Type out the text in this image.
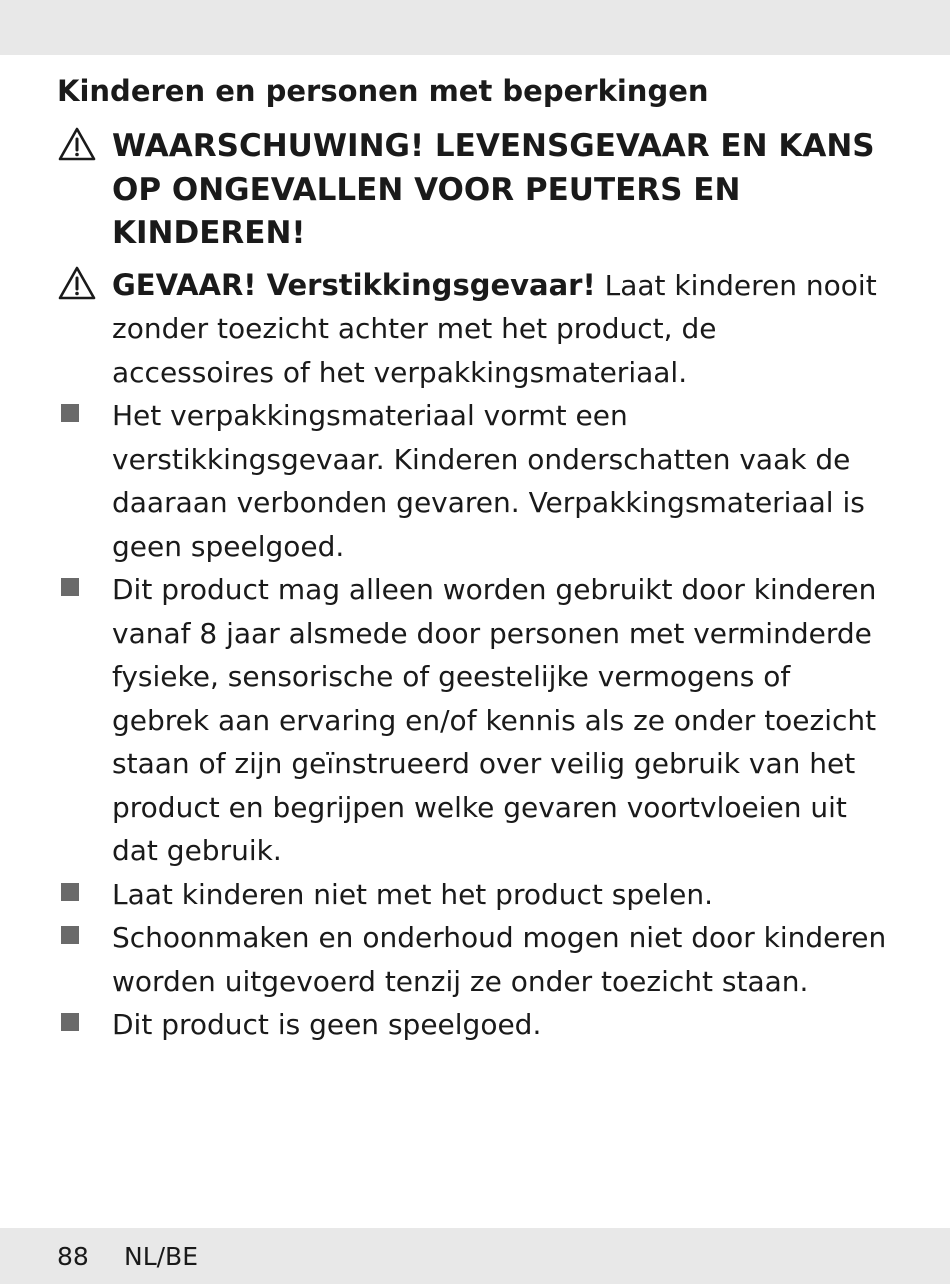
Kinderen en personen met beperkingen
WAARSCHUWING! LEVENSGEVAAR EN KANS OP ONGEVALLEN VOOR PEUTERS EN KINDEREN!
GEVAAR! Verstikkingsgevaar! Laat kinderen nooit zonder toezicht achter met het product, de accessoires of het verpakkingsmateriaal.
Het verpakkingsmateriaal vormt een verstikkingsgevaar. Kinderen onderschatten vaak de daaraan verbonden gevaren. Verpakkingsmateriaal is geen speelgoed.
Dit product mag alleen worden gebruikt door kinderen vanaf 8 jaar alsmede door personen met verminderde fysieke, sensorische of geestelijke vermogens of gebrek aan ervaring en/of kennis als ze onder toezicht staan of zijn geïnstrueerd over veilig gebruik van het product en begrijpen welke gevaren voortvloeien uit dat gebruik.
Laat kinderen niet met het product spelen.
Schoonmaken en onderhoud mogen niet door kinderen worden uitgevoerd tenzij ze onder toezicht staan.
Dit product is geen speelgoed.
88 NL/BE
